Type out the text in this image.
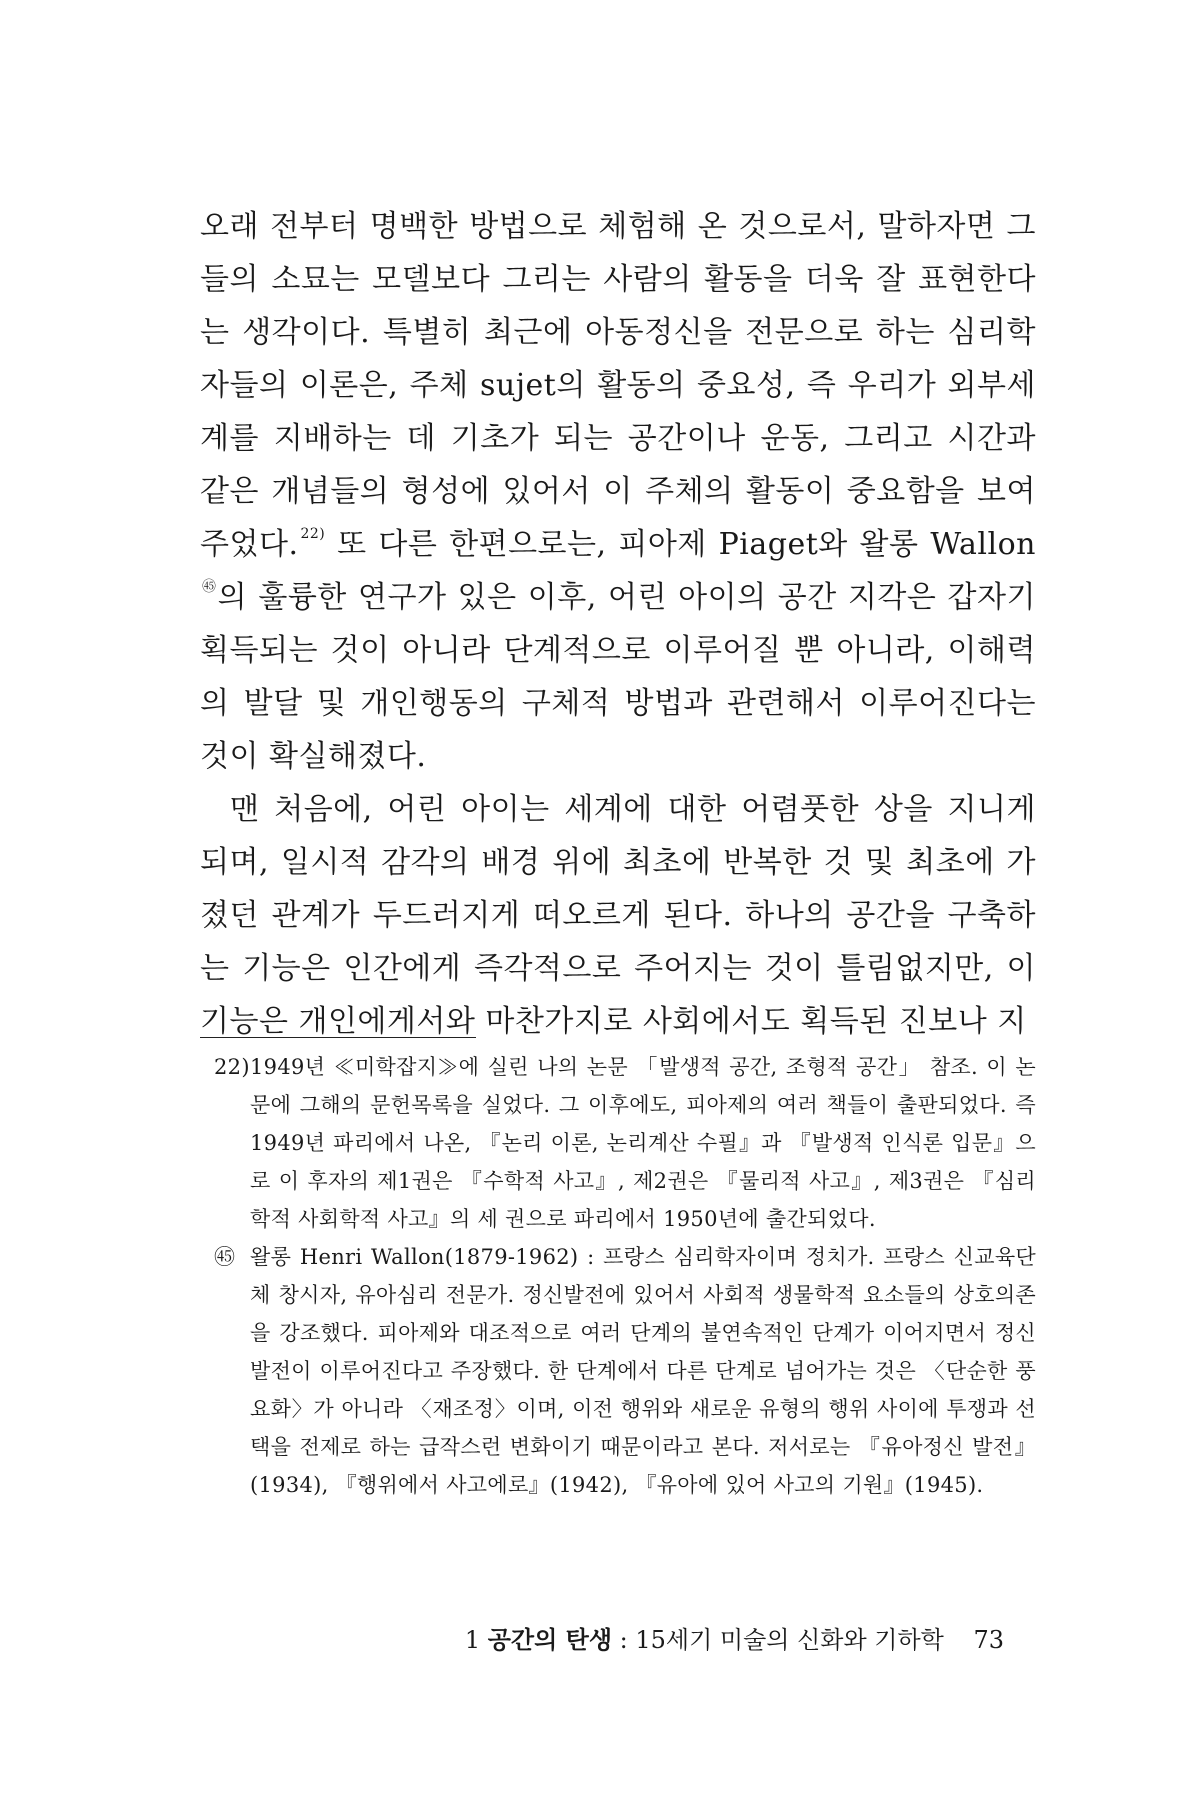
오래 전부터 명백한 방법으로 체험해 온 것으로서, 말하자면 그들의 소묘는 모델보다 그리는 사람의 활동을 더욱 잘 표현한다는 생각이다. 특별히 최근에 아동정신을 전문으로 하는 심리학자들의 이론은, 주체 sujet의 활동의 중요성, 즉 우리가 외부세계를 지배하는 데 기초가 되는 공간이나 운동, 그리고 시간과 같은 개념들의 형성에 있어서 이 주체의 활동이 중요함을 보여 주었다. $^{22)}$ 또 다른 한편으로는, 피아제 Piaget와 왈롱 Wallon$^㊺$의 훌륭한 연구가 있은 이후, 어린 아이의 공간 지각은 갑자기 획득되는 것이 아니라 단계적으로 이루어질 뿐 아니라, 이해력의 발달 및 개인행동의 구체적 방법과 관련해서 이루어진다는 것이 확실해졌다.

맨 처음에, 어린 아이는 세계에 대한 어렴풋한 상을 지니게 되며, 일시적 감각의 배경 위에 최초에 반복한 것 및 최초에 가졌던 관계가 두드러지게 떠오르게 된다. 하나의 공간을 구축하는 기능은 인간에게 즉각적으로 주어지는 것이 틀림없지만, 이 기능은 개인에게서와 마찬가지로 사회에서도 획득된 진보나 지

22) 1949년 ≪미학잡지≫에 실린 나의 논문 「발생적 공간, 조형적 공간」 참조. 이 논문에 그해의 문헌목록을 실었다. 그 이후에도, 피아제의 여러 책들이 출판되었다. 즉 1949년 파리에서 나온, 『논리 이론, 논리계산 수필』과 『발생적 인식론 입문』으로 이 후자의 제1권은 『수학적 사고』, 제2권은 『물리적 사고』, 제3권은 『심리학적 사회학적 사고』의 세 권으로 파리에서 1950년에 출간되었다.
㊺ 왈롱 Henri Wallon(1879-1962) : 프랑스 심리학자이며 정치가. 프랑스 신교육단체 창시자, 유아심리 전문가. 정신발전에 있어서 사회적 생물학적 요소들의 상호의존을 강조했다. 피아제와 대조적으로 여러 단계의 불연속적인 단계가 이어지면서 정신발전이 이루어진다고 주장했다. 한 단계에서 다른 단계로 넘어가는 것은 〈단순한 풍요화〉가 아니라 〈재조정〉이며, 이전 행위와 새로운 유형의 행위 사이에 투쟁과 선택을 전제로 하는 급작스런 변화이기 때문이라고 본다. 저서로는 『유아정신 발전』(1934), 『행위에서 사고에로』(1942), 『유아에 있어 사고의 기원』(1945).
1 공간의 탄생 : 15세기 미술의 신화와 기하학 73
